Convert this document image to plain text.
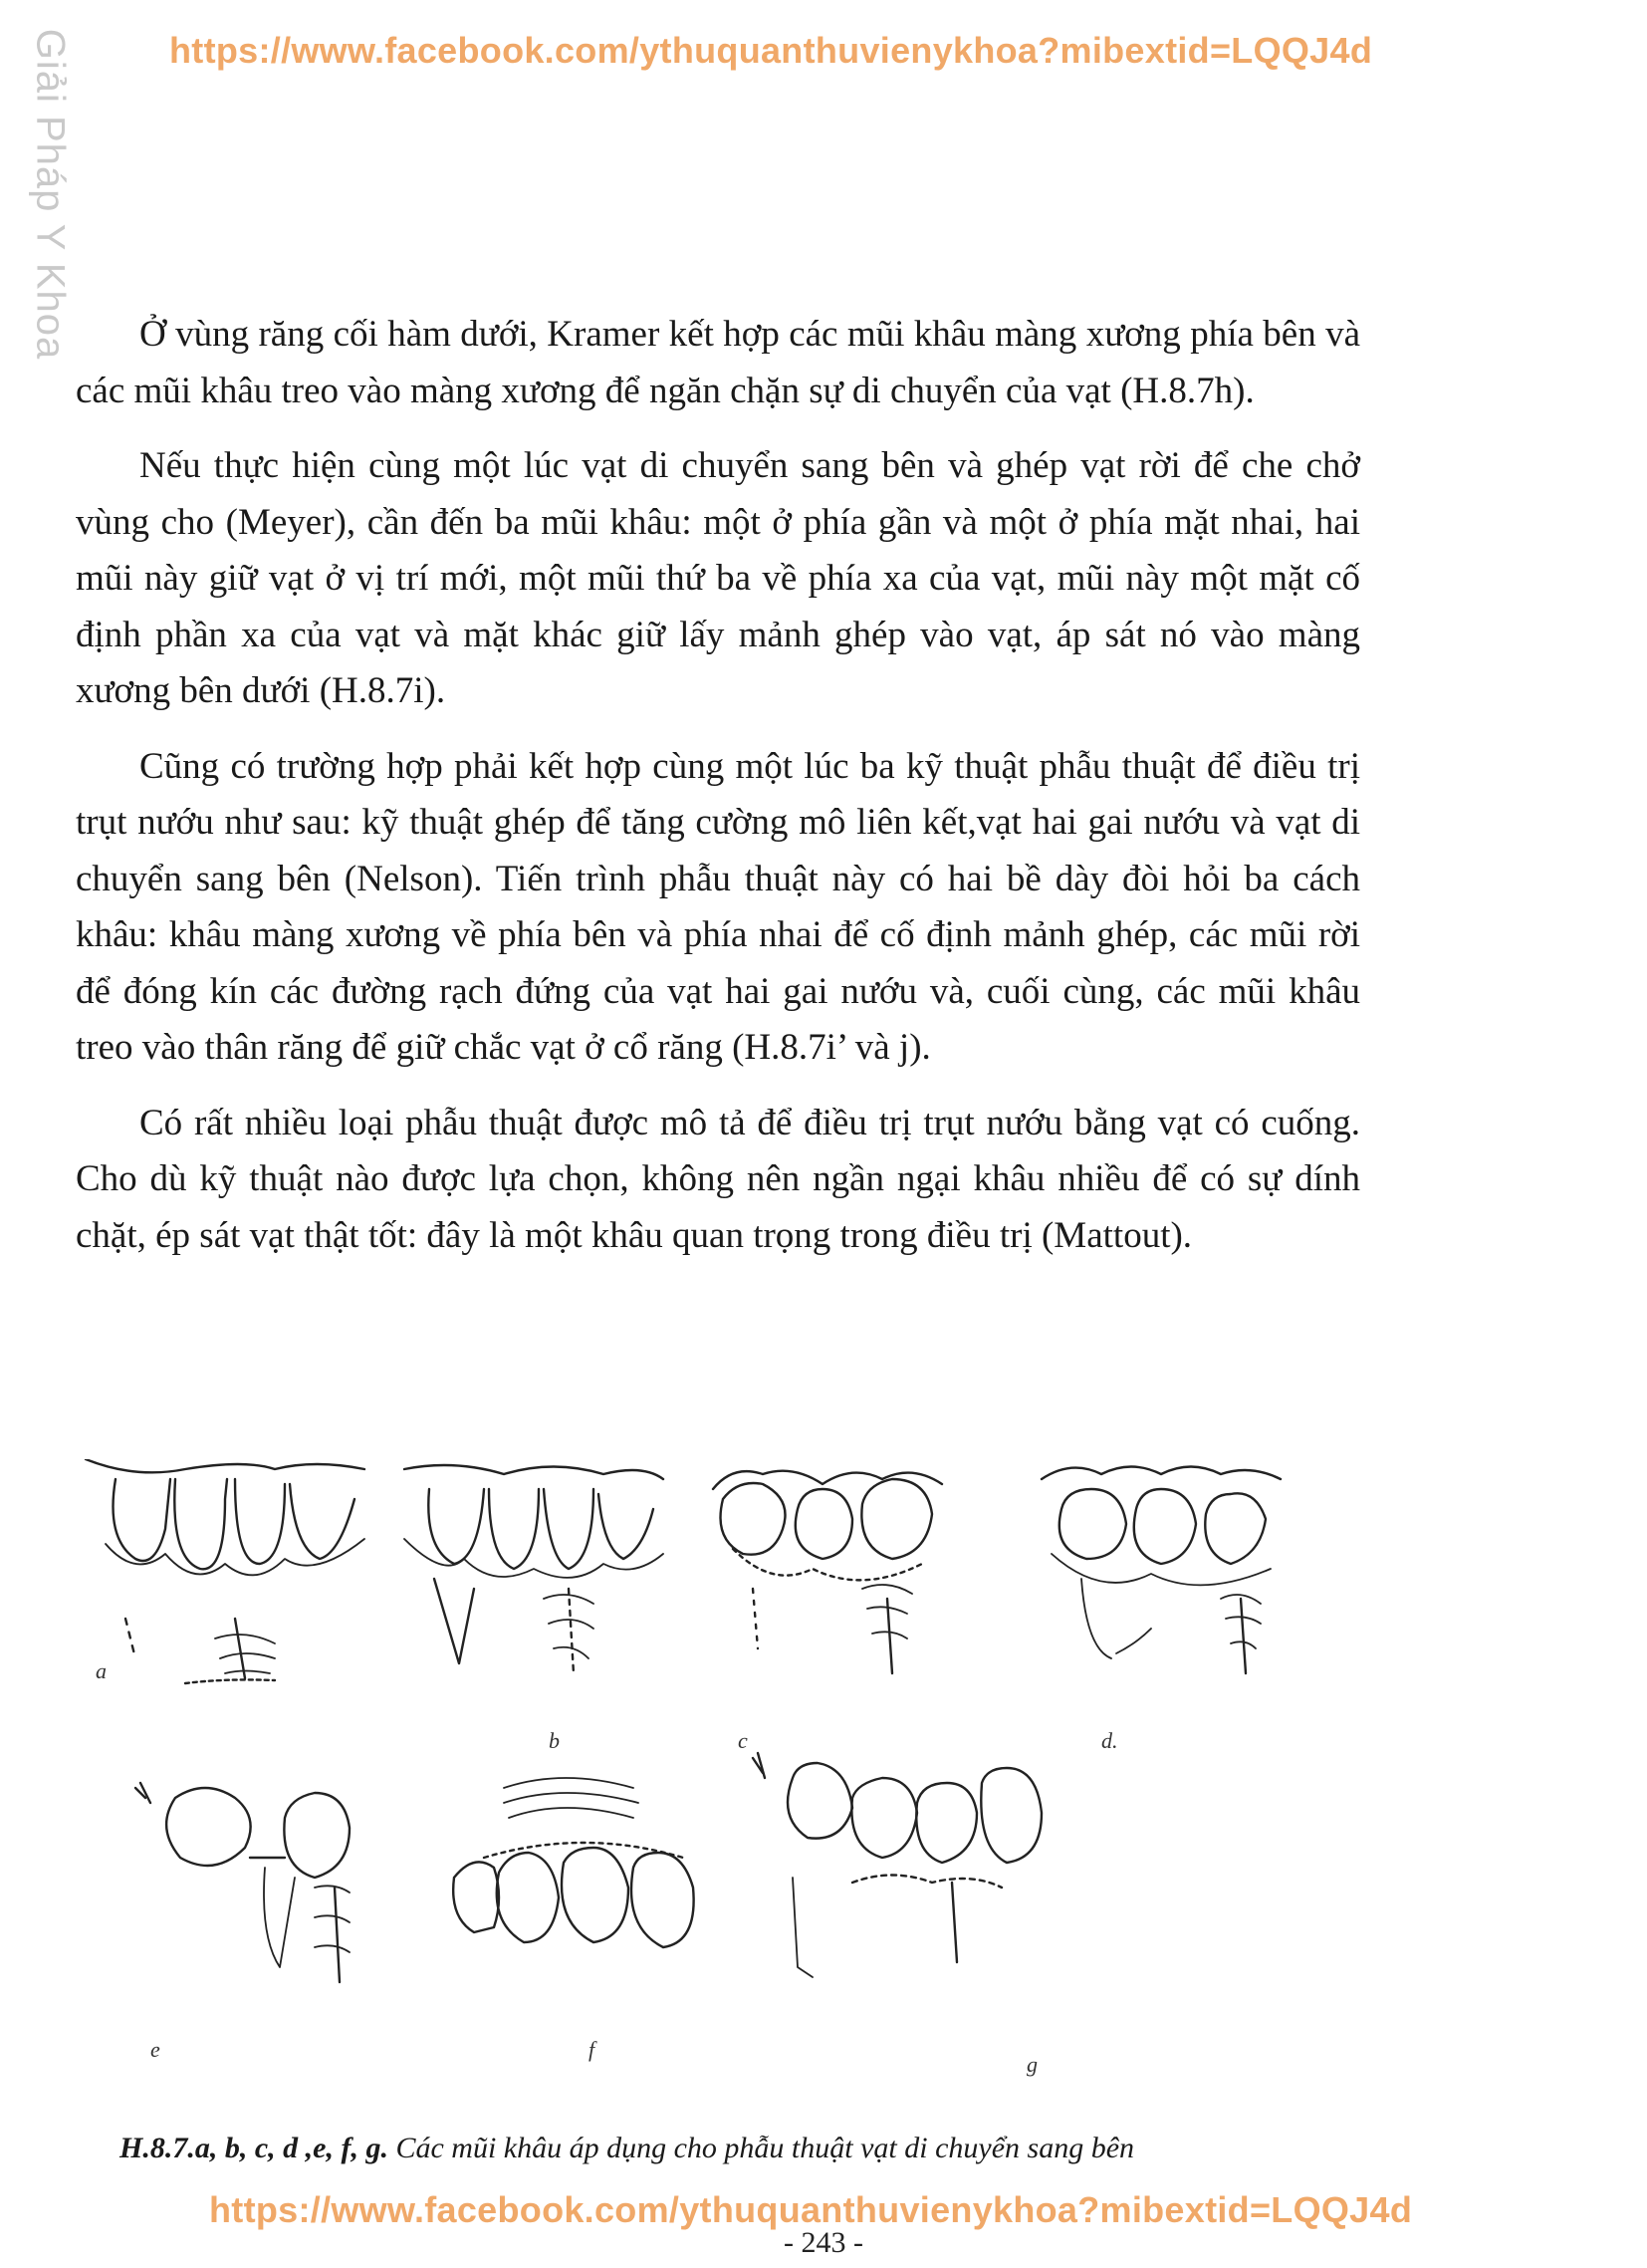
https://www.facebook.com/ythuquanthuvienykhoa?mibextid=LQQJ4d
Giải Pháp Y Khoa	Ở vùng răng cối hàm dưới, Kramer kết hợp các mũi khâu màng xương phía bên và các mũi khâu treo vào màng xương để ngăn chặn sự di chuyển của vạt (H.8.7h).

Nếu thực hiện cùng một lúc vạt di chuyển sang bên và ghép vạt rời để che chở vùng cho (Meyer), cần đến ba mũi khâu: một ở phía gần và một ở phía mặt nhai, hai mũi này giữ vạt ở vị trí mới, một mũi thứ ba về phía xa của vạt, mũi này một mặt cố định phần xa của vạt và mặt khác giữ lấy mảnh ghép vào vạt, áp sát nó vào màng xương bên dưới (H.8.7i).

Cũng có trường hợp phải kết hợp cùng một lúc ba kỹ thuật phẫu thuật để điều trị trụt nướu như sau: kỹ thuật ghép để tăng cường mô liên kết,vạt hai gai nướu và vạt di chuyển sang bên (Nelson). Tiến trình phẫu thuật này có hai bề dày đòi hỏi ba cách khâu: khâu màng xương về phía bên và phía nhai để cố định mảnh ghép, các mũi rời để đóng kín các đường rạch đứng của vạt hai gai nướu và, cuối cùng, các mũi khâu treo vào thân răng để giữ chắc vạt ở cổ răng (H.8.7i’ và j).

Có rất nhiều loại phẫu thuật được mô tả để điều trị trụt nướu bằng vạt có cuống. Cho dù kỹ thuật nào được lựa chọn, không nên ngần ngại khâu nhiều để có sự dính chặt, ép sát vạt thật tốt: đây là một khâu quan trọng trong điều trị (Mattout).

a
b	c	d.
e	f
g
H.8.7.a, b, c, d ,e, f, g. Các mũi khâu áp dụng cho phẫu thuật vạt di chuyển sang bên
https://www.facebook.com/ythuquanthuvienykhoa?mibextid=LQQJ4d
- 243 -
